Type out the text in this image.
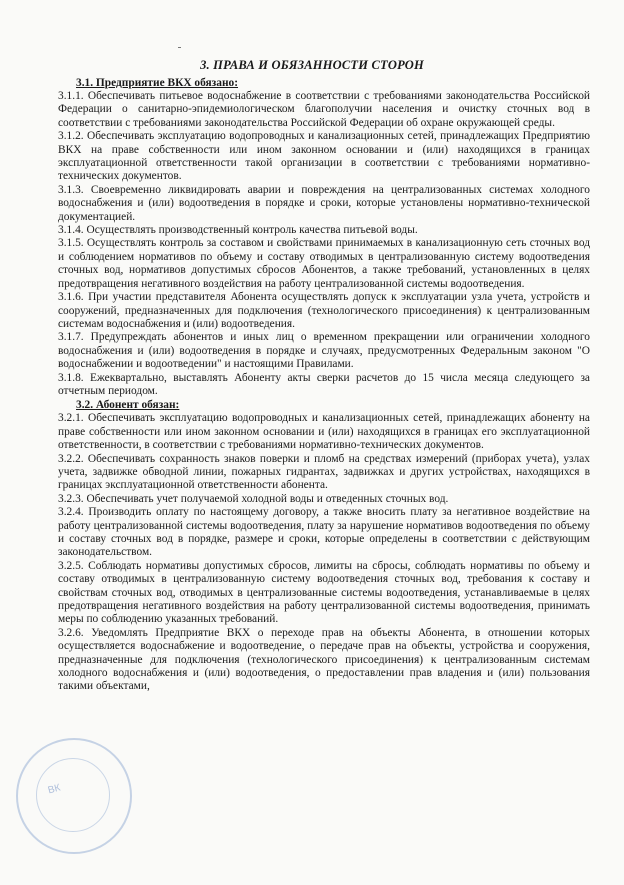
3. ПРАВА И ОБЯЗАННОСТИ СТОРОН

3.1. Предприятие ВКХ обязано:

3.1.1. Обеспечивать питьевое водоснабжение в соответствии с требованиями законодательства Российской Федерации о санитарно-эпидемиологическом благополучии населения и очистку сточных вод в соответствии с требованиями законодательства Российской Федерации об охране окружающей среды.

3.1.2. Обеспечивать эксплуатацию водопроводных и канализационных сетей, принадлежащих Предприятию ВКХ на праве собственности или ином законном основании и (или) находящихся в границах эксплуатационной ответственности такой организации в соответствии с требованиями нормативно-технических документов.

3.1.3. Своевременно ликвидировать аварии и повреждения на централизованных системах холодного водоснабжения и (или) водоотведения в порядке и сроки, которые установлены нормативно-технической документацией.

3.1.4. Осуществлять производственный контроль качества питьевой воды.

3.1.5. Осуществлять контроль за составом и свойствами принимаемых в канализационную сеть сточных вод и соблюдением нормативов по объему и составу отводимых в централизованную систему водоотведения сточных вод, нормативов допустимых сбросов Абонентов, а также требований, установленных в целях предотвращения негативного воздействия на работу централизованной системы водоотведения.

3.1.6. При участии представителя Абонента осуществлять допуск к эксплуатации узла учета, устройств и сооружений, предназначенных для подключения (технологического присоединения) к централизованным системам водоснабжения и (или) водоотведения.

3.1.7. Предупреждать абонентов и иных лиц о временном прекращении или ограничении холодного водоснабжения и (или) водоотведения в порядке и случаях, предусмотренных Федеральным законом "О водоснабжении и водоотведении" и настоящими Правилами.

3.1.8. Ежеквартально, выставлять Абоненту акты сверки расчетов до 15 числа месяца следующего за отчетным периодом.

3.2. Абонент обязан:

3.2.1. Обеспечивать эксплуатацию водопроводных и канализационных сетей, принадлежащих абоненту на праве собственности или ином законном основании и (или) находящихся в границах его эксплуатационной ответственности, в соответствии с требованиями нормативно-технических документов.

3.2.2. Обеспечивать сохранность знаков поверки и пломб на средствах измерений (приборах учета), узлах учета, задвижке обводной линии, пожарных гидрантах, задвижках и других устройствах, находящихся в границах эксплуатационной ответственности абонента.

3.2.3. Обеспечивать учет получаемой холодной воды и отведенных сточных вод.

3.2.4. Производить оплату по настоящему договору, а также вносить плату за негативное воздействие на работу централизованной системы водоотведения, плату за нарушение нормативов водоотведения по объему и составу сточных вод в порядке, размере и сроки, которые определены в соответствии с действующим законодательством.

3.2.5. Соблюдать нормативы допустимых сбросов, лимиты на сбросы, соблюдать нормативы по объему и составу отводимых в централизованную систему водоотведения сточных вод, требования к составу и свойствам сточных вод, отводимых в централизованные системы водоотведения, устанавливаемые в целях предотвращения негативного воздействия на работу централизованной системы водоотведения, принимать меры по соблюдению указанных требований.

3.2.6. Уведомлять Предприятие ВКХ о переходе прав на объекты Абонента, в отношении которых осуществляется водоснабжение и водоотведение, о передаче прав на объекты, устройства и сооружения, предназначенные для подключения (технологического присоединения) к централизованным системам холодного водоснабжения и (или) водоотведения, о предоставлении прав владения и (или) пользования такими объектами,

ВК
